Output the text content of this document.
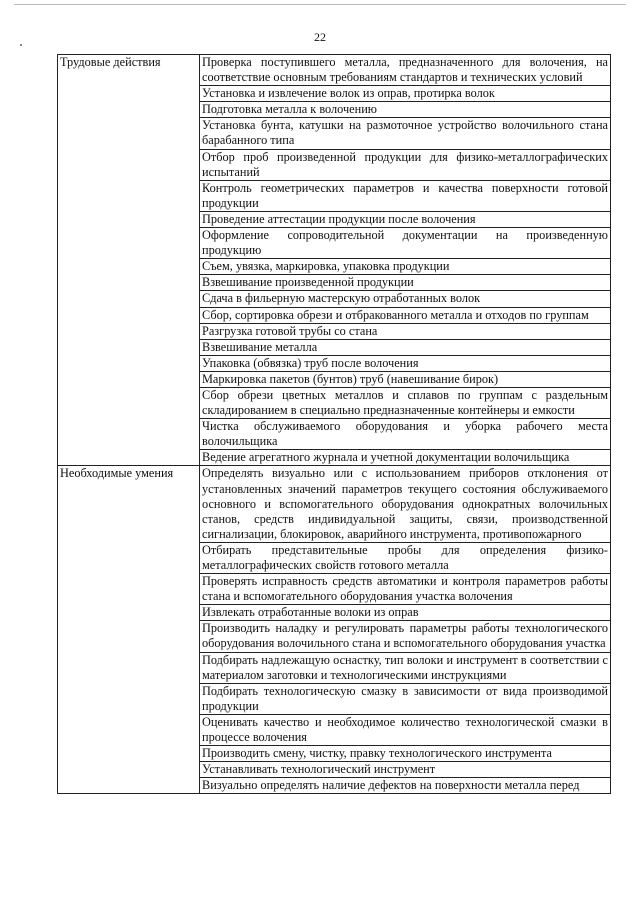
22
Трудовые действия	Проверка поступившего металла, предназначенного для волочения, на соответствие основным требованиям стандартов и технических условий
	Установка и извлечение волок из оправ, протирка волок
	Подготовка металла к волочению
	Установка бунта, катушки на размоточное устройство волочильного стана барабанного типа
	Отбор проб произведенной продукции для физико-металлографических испытаний
	Контроль геометрических параметров и качества поверхности готовой продукции
	Проведение аттестации продукции после волочения
	Оформление сопроводительной документации на произведенную продукцию
	Съем, увязка, маркировка, упаковка продукции
	Взвешивание произведенной продукции
	Сдача в фильерную мастерскую отработанных волок
	Сбор, сортировка обрези и отбракованного металла и отходов по группам
	Разгрузка готовой трубы со стана
	Взвешивание металла
	Упаковка (обвязка) труб после волочения
	Маркировка пакетов (бунтов) труб (навешивание бирок)
	Сбор обрези цветных металлов и сплавов по группам с раздельным складированием в специально предназначенные контейнеры и емкости
	Чистка обслуживаемого оборудования и уборка рабочего места волочильщика
	Ведение агрегатного журнала и учетной документации волочильщика
Необходимые умения	Определять визуально или с использованием приборов отклонения от установленных значений параметров текущего состояния обслуживаемого основного и вспомогательного оборудования однократных волочильных станов, средств индивидуальной защиты, связи, производственной сигнализации, блокировок, аварийного инструмента, противопожарного
	Отбирать представительные пробы для определения физико-металлографических свойств готового металла
	Проверять исправность средств автоматики и контроля параметров работы стана и вспомогательного оборудования участка волочения
	Извлекать отработанные волоки из оправ
	Производить наладку и регулировать параметры работы технологического оборудования волочильного стана и вспомогательного оборудования участка
	Подбирать надлежащую оснастку, тип волоки и инструмент в соответствии с материалом заготовки и технологическими инструкциями
	Подбирать технологическую смазку в зависимости от вида производимой продукции
	Оценивать качество и необходимое количество технологической смазки в процессе волочения
	Производить смену, чистку, правку технологического инструмента
	Устанавливать технологический инструмент
	Визуально определять наличие дефектов на поверхности металла перед
